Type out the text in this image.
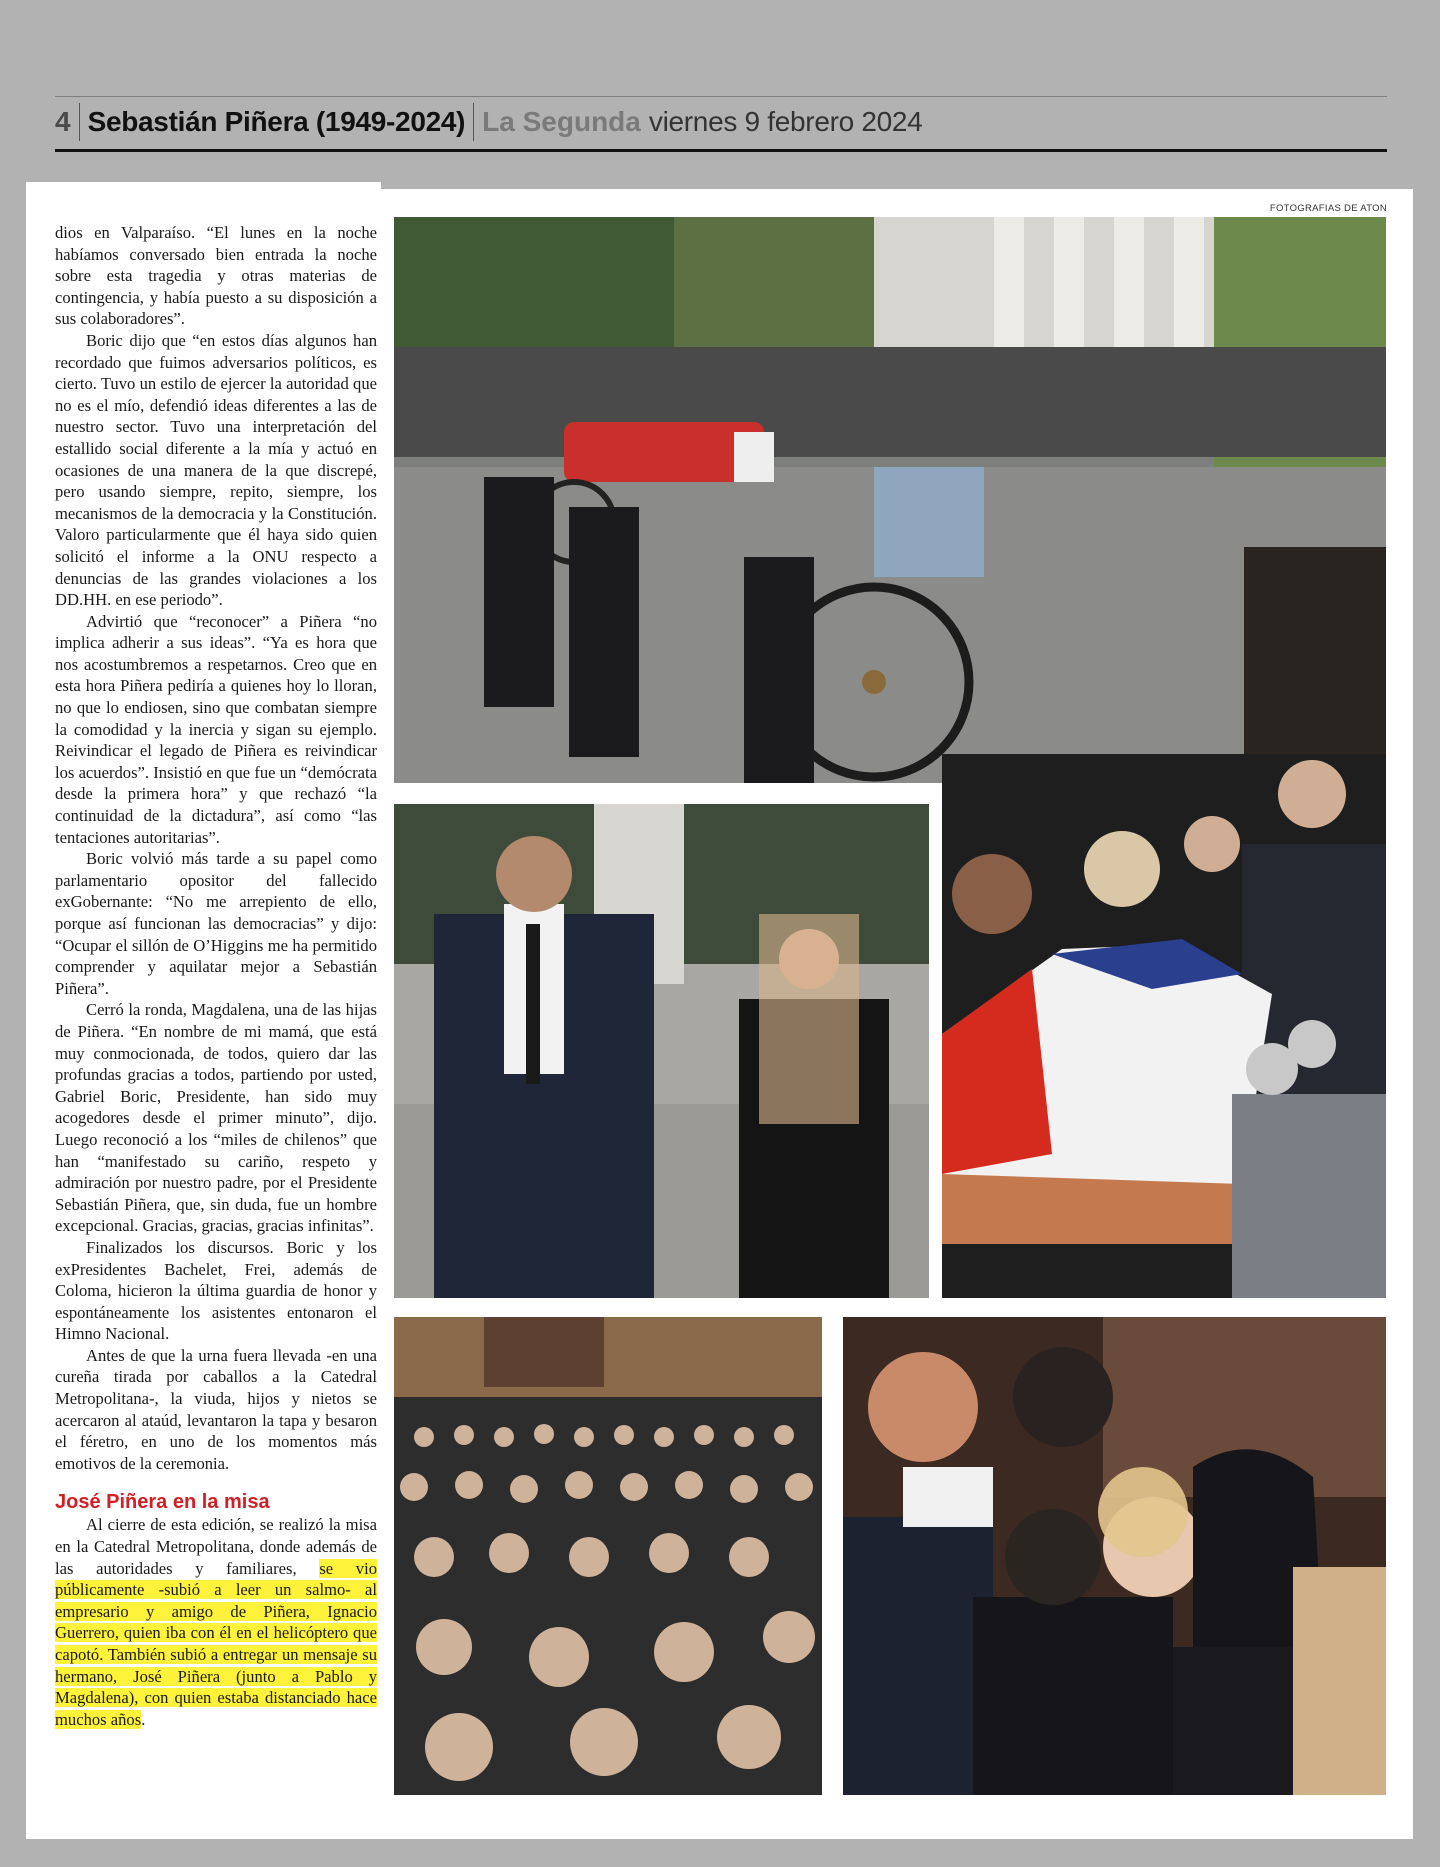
4 Sebastián Piñera (1949-2024) La Segunda viernes 9 febrero 2024

dios en Valparaíso. “El lunes en la noche habíamos conversado bien entrada la noche sobre esta tragedia y otras materias de contingencia, y había puesto a su disposición a sus colaboradores”.

Boric dijo que “en estos días algunos han recordado que fuimos adversarios políticos, es cierto. Tuvo un estilo de ejercer la autoridad que no es el mío, defendió ideas diferentes a las de nuestro sector. Tuvo una interpretación del estallido social diferente a la mía y actuó en ocasiones de una manera de la que discrepé, pero usando siempre, repito, siempre, los mecanismos de la democracia y la Constitución. Valoro particularmente que él haya sido quien solicitó el informe a la ONU respecto a denuncias de las grandes violaciones a los DD.HH. en ese periodo”.

Advirtió que “reconocer” a Piñera “no implica adherir a sus ideas”. “Ya es hora que nos acostumbremos a respetarnos. Creo que en esta hora Piñera pediría a quienes hoy lo lloran, no que lo endiosen, sino que combatan siempre la comodidad y la inercia y sigan su ejemplo. Reivindicar el legado de Piñera es reivindicar los acuerdos”. Insistió en que fue un “demócrata desde la primera hora” y que rechazó “la continuidad de la dictadura”, así como “las tentaciones autoritarias”.

Boric volvió más tarde a su papel como parlamentario opositor del fallecido exGobernante: “No me arrepiento de ello, porque así funcionan las democracias” y dijo: “Ocupar el sillón de O’Higgins me ha permitido comprender y aquilatar mejor a Sebastián Piñera”.

Cerró la ronda, Magdalena, una de las hijas de Piñera. “En nombre de mi mamá, que está muy conmocionada, de todos, quiero dar las profundas gracias a todos, partiendo por usted, Gabriel Boric, Presidente, han sido muy acogedores desde el primer minuto”, dijo. Luego reconoció a los “miles de chilenos” que han “manifestado su cariño, respeto y admiración por nuestro padre, por el Presidente Sebastián Piñera, que, sin duda, fue un hombre excepcional. Gracias, gracias, gracias infinitas”.

Finalizados los discursos. Boric y los exPresidentes Bachelet, Frei, además de Coloma, hicieron la última guardia de honor y espontáneamente los asistentes entonaron el Himno Nacional.

Antes de que la urna fuera llevada -en una cureña tirada por caballos a la Catedral Metropolitana-, la viuda, hijos y nietos se acercaron al ataúd, levantaron la tapa y besaron el féretro, en uno de los momentos más emotivos de la ceremonia.

José Piñera en la misa

Al cierre de esta edición, se realizó la misa en la Catedral Metropolitana, donde además de las autoridades y familiares, se vio públicamente -subió a leer un salmo- al empresario y amigo de Piñera, Ignacio Guerrero, quien iba con él en el helicóptero que capotó. También subió a entregar un mensaje su hermano, José Piñera (junto a Pablo y Magdalena), con quien estaba distanciado hace muchos años.

FOTOGRAFIAS DE ATON
